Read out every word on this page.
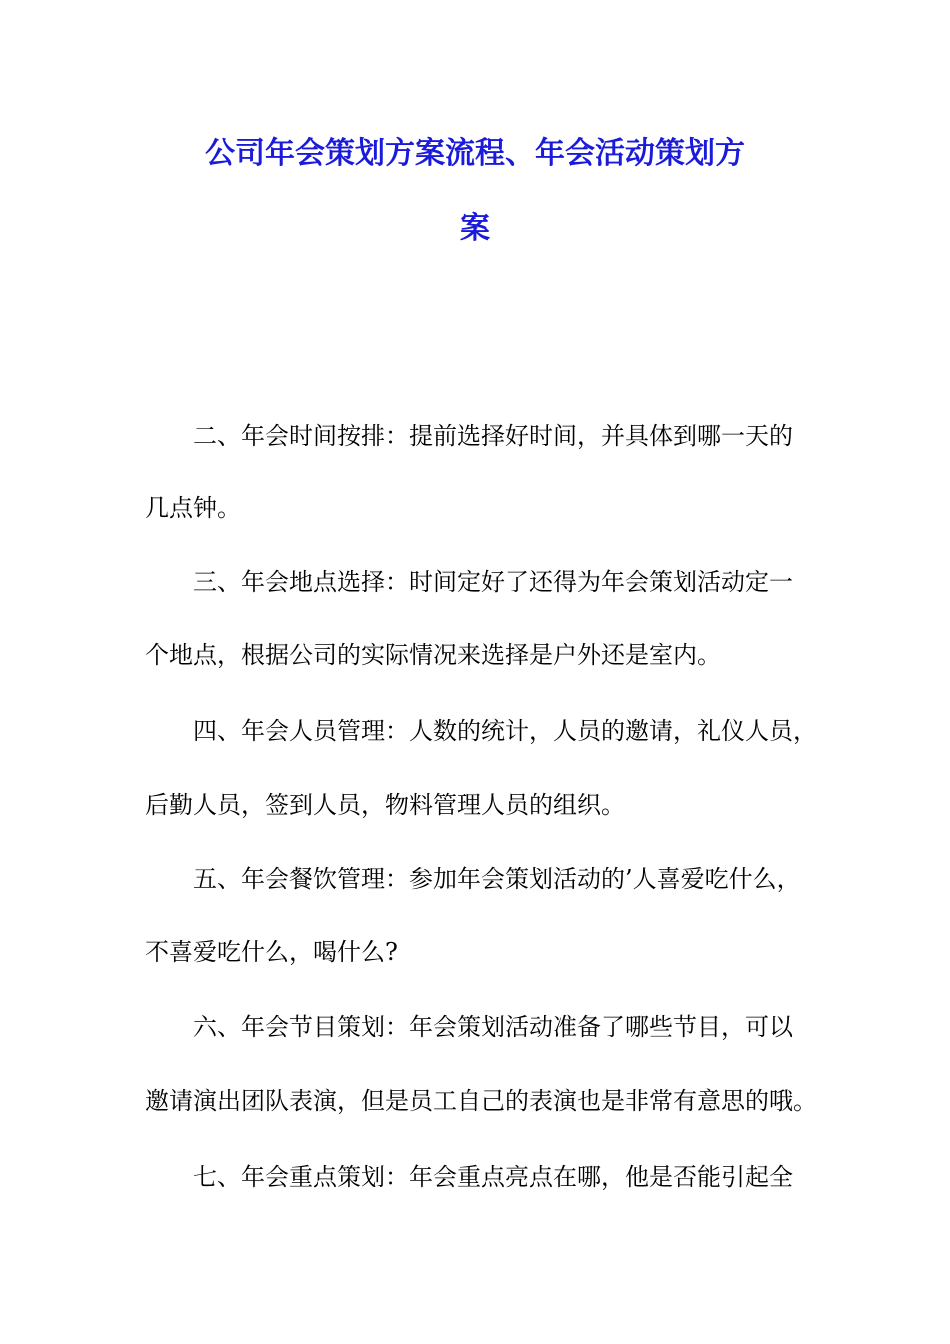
公司年会策划方案流程、年会活动策划方
案
二、年会时间按排：提前选择好时间，并具体到哪一天的
几点钟。
三、年会地点选择：时间定好了还得为年会策划活动定一
个地点，根据公司的实际情况来选择是户外还是室内。
四、年会人员管理：人数的统计，人员的邀请，礼仪人员，
后勤人员，签到人员，物料管理人员的组织。
五、年会餐饮管理：参加年会策划活动的’人喜爱吃什么，
不喜爱吃什么，喝什么?
六、年会节目策划：年会策划活动准备了哪些节目，可以
邀请演出团队表演，但是员工自己的表演也是非常有意思的哦。
七、年会重点策划：年会重点亮点在哪，他是否能引起全
